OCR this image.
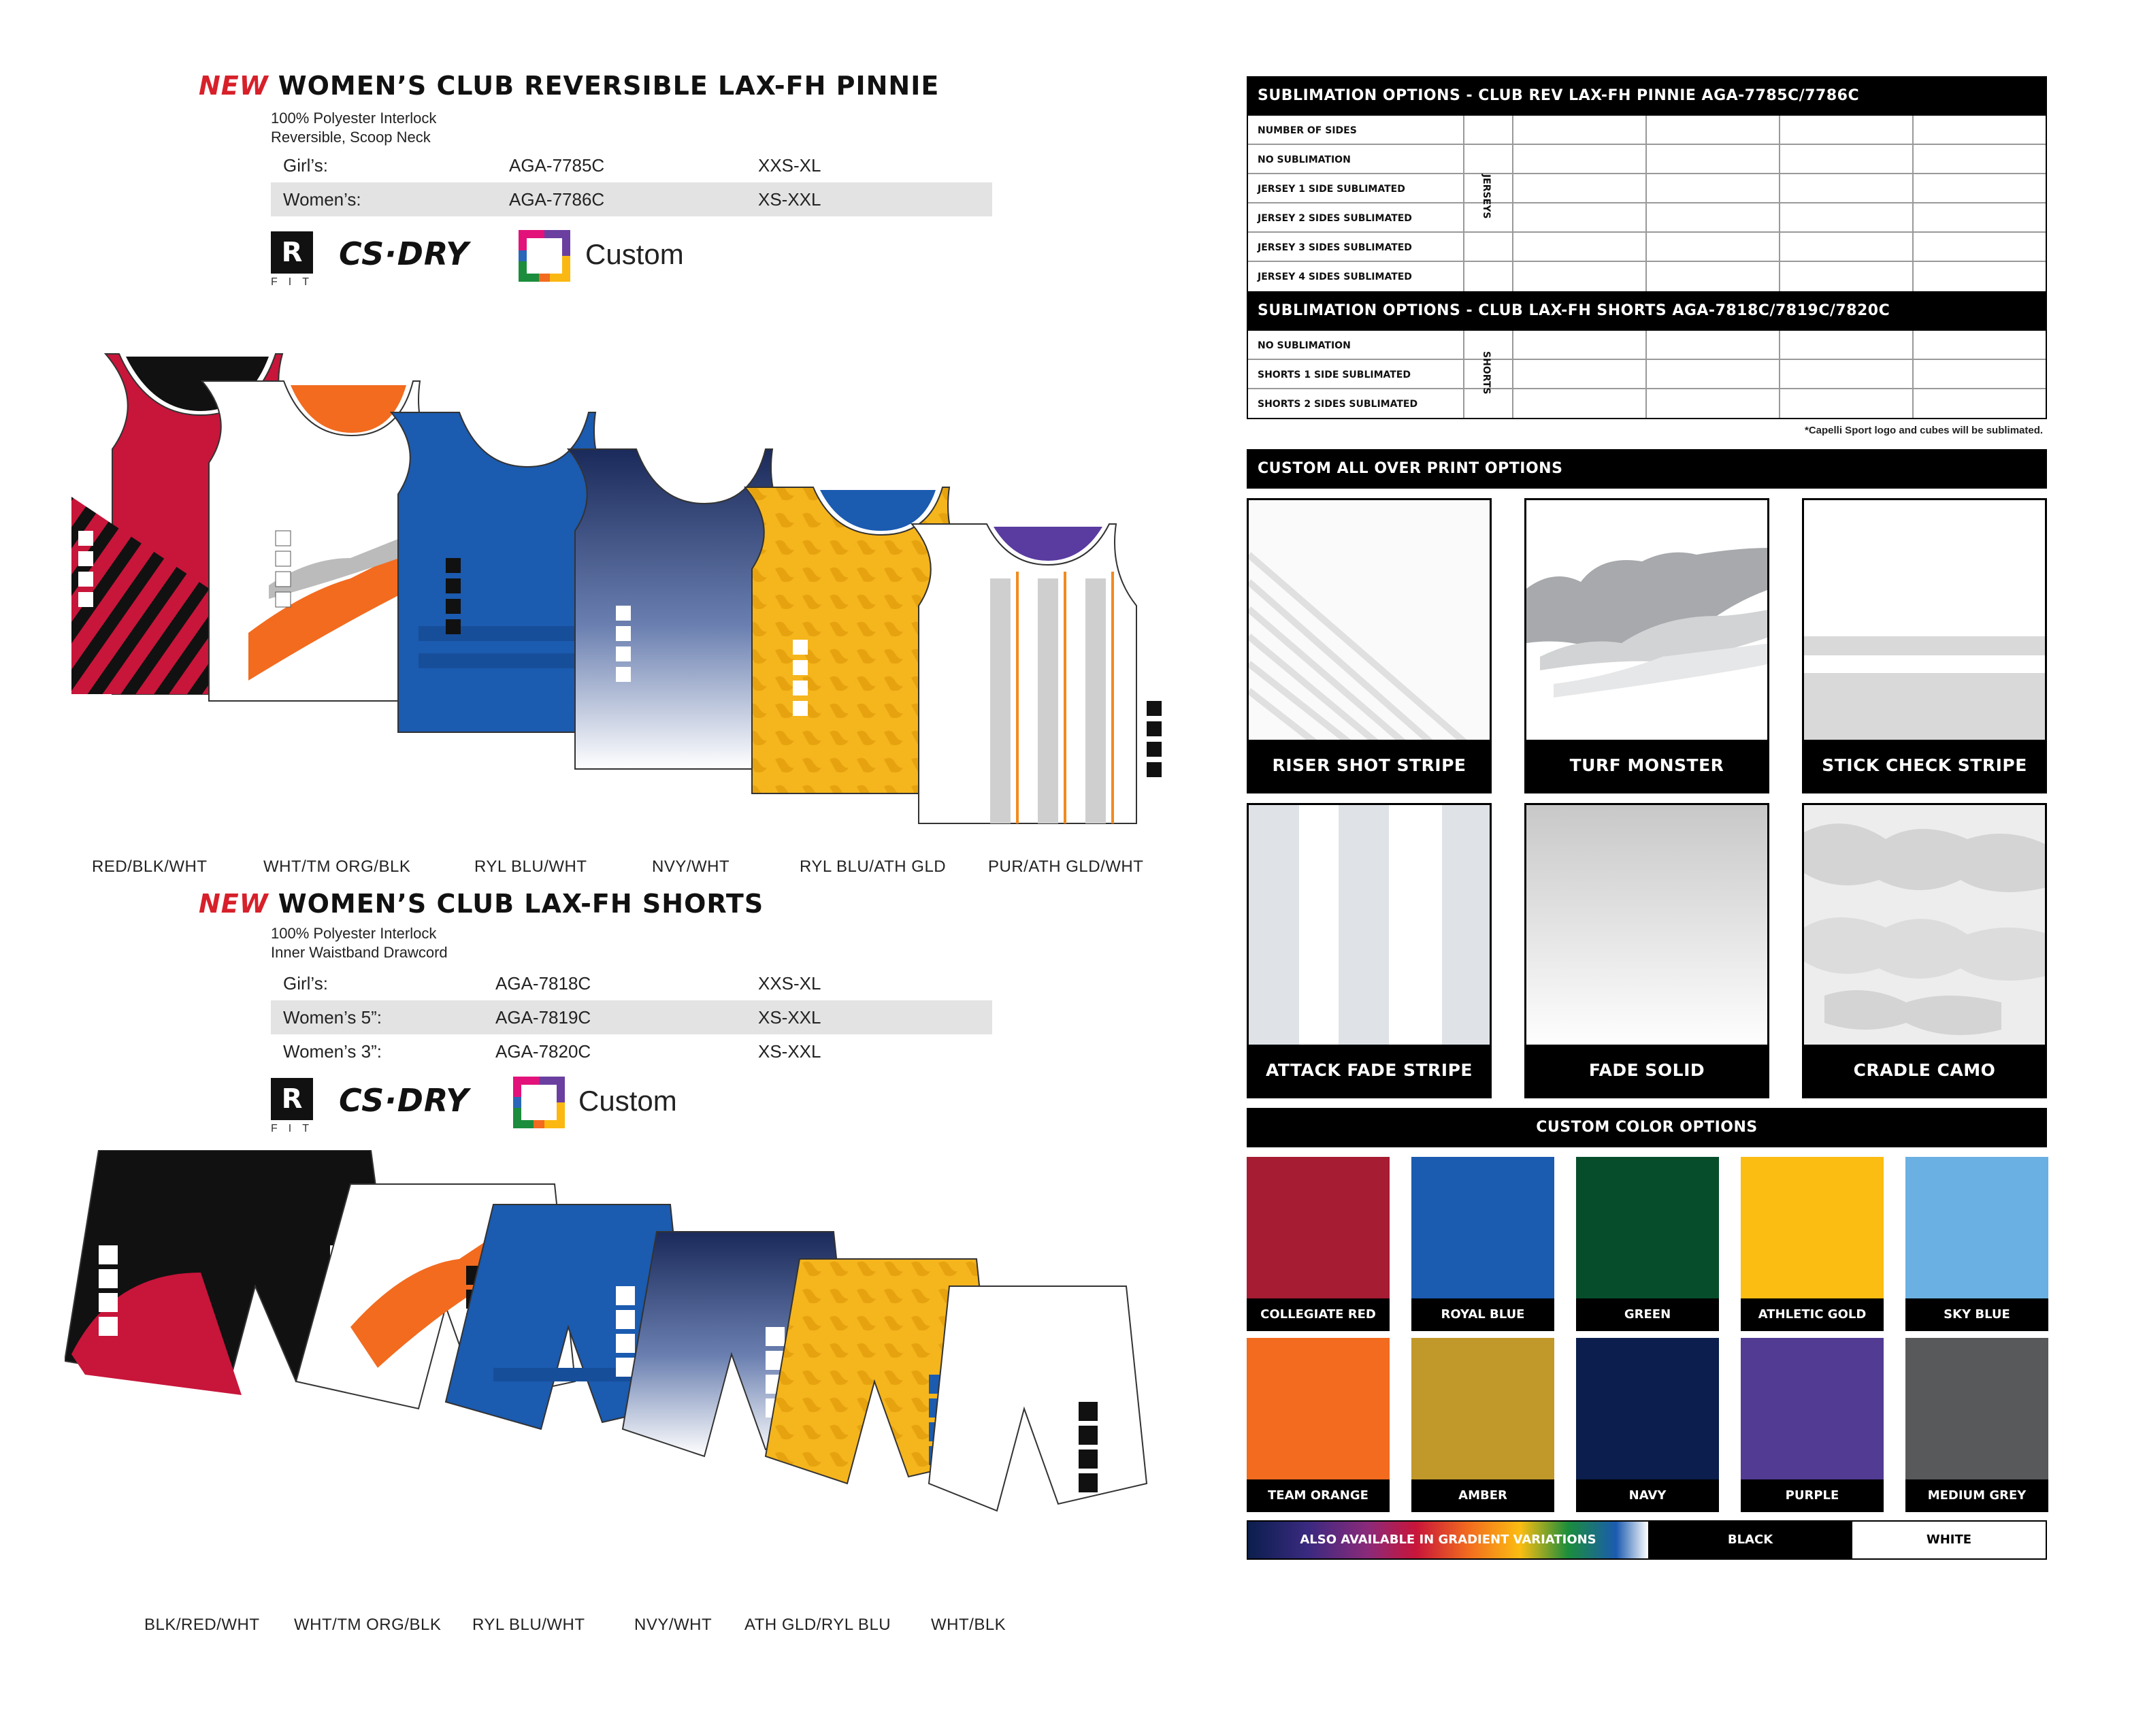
NEW WOMEN’S CLUB REVERSIBLE LAX-FH PINNIE
100% Polyester Interlock
Reversible, Scoop Neck
Girl’s:	AGA-7785C	XXS-XL
Women’s:	AGA-7786C	XS-XXL
R
FIT
CS·DRY	Custom
RED/BLK/WHT	WHT/TM ORG/BLK	RYL BLU/WHT	NVY/WHT	RYL BLU/ATH GLD	PUR/ATH GLD/WHT
NEW WOMEN’S CLUB LAX-FH SHORTS
100% Polyester Interlock
Inner Waistband Drawcord
Girl’s:	AGA-7818C	XXS-XL
Women’s 5”:	AGA-7819C	XS-XXL
Women’s 3”:	AGA-7820C	XS-XXL
R
FIT
CS·DRY	Custom
BLK/RED/WHT WHT/TM ORG/BLK RYL BLU/WHT	NVY/WHT ATH GLD/RYL BLU WHT/BLK
SUBLIMATION OPTIONS - CLUB REV LAX-FH PINNIE AGA-7785C/7786C
NUMBER OF SIDES
NO SUBLIMATION
JERSEY 1 SIDE SUBLIMATED
JERSEY 2 SIDES SUBLIMATED
JERSEY 3 SIDES SUBLIMATED
JERSEY 4 SIDES SUBLIMATED
JERSEYS
SUBLIMATION OPTIONS - CLUB LAX-FH SHORTS AGA-7818C/7819C/7820C
NO SUBLIMATION
SHORTS 1 SIDE SUBLIMATED
SHORTS 2 SIDES SUBLIMATED
SHORTS
*Capelli Sport logo and cubes will be sublimated.
CUSTOM ALL OVER PRINT OPTIONS
RISER SHOT STRIPE	TURF MONSTER	STICK CHECK STRIPE
ATTACK FADE STRIPE	FADE SOLID	CRADLE CAMO
CUSTOM COLOR OPTIONS
COLLEGIATE RED	ROYAL BLUE	GREEN	ATHLETIC GOLD	SKY BLUE
TEAM ORANGE	AMBER	NAVY	PURPLE	MEDIUM GREY
ALSO AVAILABLE IN GRADIENT VARIATIONS	BLACK	WHITE
